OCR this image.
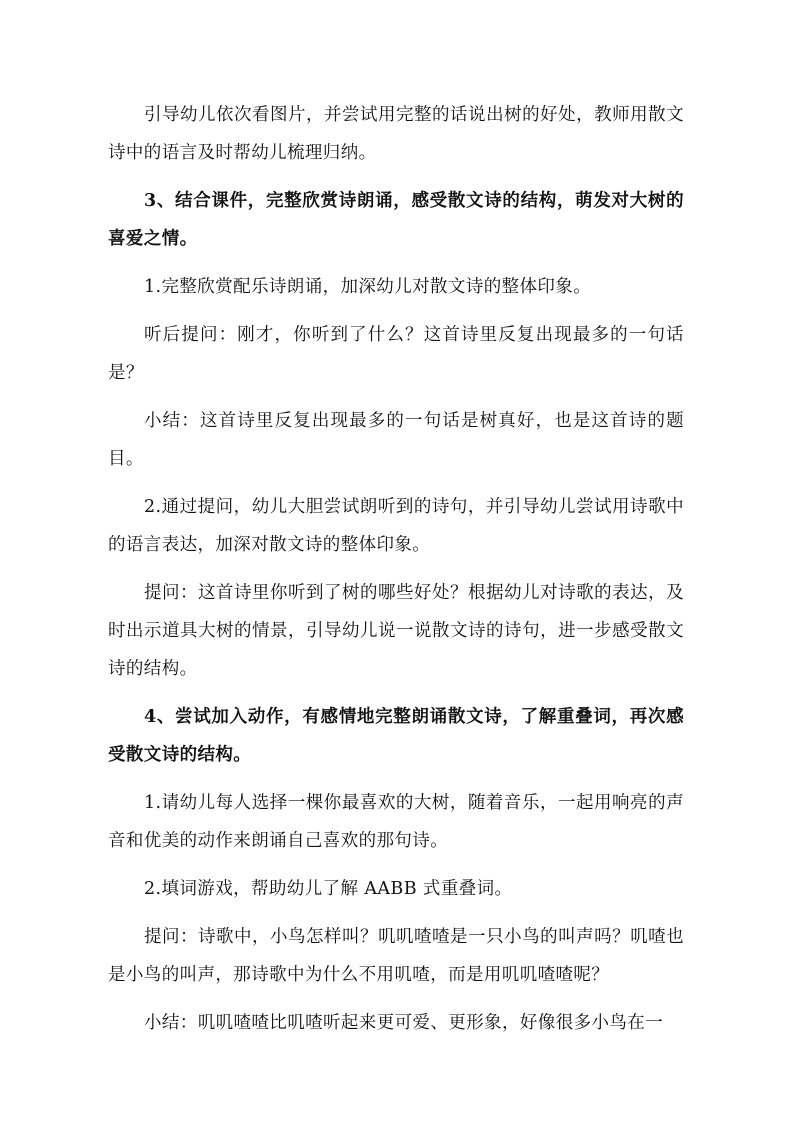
引导幼儿依次看图片，并尝试用完整的话说出树的好处，教师用散文诗中的语言及时帮幼儿梳理归纳。

3、结合课件，完整欣赏诗朗诵，感受散文诗的结构，萌发对大树的喜爱之情。

1.完整欣赏配乐诗朗诵，加深幼儿对散文诗的整体印象。

听后提问：刚才，你听到了什么？这首诗里反复出现最多的一句话是？

小结：这首诗里反复出现最多的一句话是树真好，也是这首诗的题目。

2.通过提问，幼儿大胆尝试朗听到的诗句，并引导幼儿尝试用诗歌中的语言表达，加深对散文诗的整体印象。

提问：这首诗里你听到了树的哪些好处？根据幼儿对诗歌的表达，及时出示道具大树的情景，引导幼儿说一说散文诗的诗句，进一步感受散文诗的结构。

4、尝试加入动作，有感情地完整朗诵散文诗，了解重叠词，再次感受散文诗的结构。

1.请幼儿每人选择一棵你最喜欢的大树，随着音乐，一起用响亮的声音和优美的动作来朗诵自己喜欢的那句诗。

2.填词游戏，帮助幼儿了解 AABB 式重叠词。

提问：诗歌中，小鸟怎样叫？叽叽喳喳是一只小鸟的叫声吗？叽喳也是小鸟的叫声，那诗歌中为什么不用叽喳，而是用叽叽喳喳呢？

小结：叽叽喳喳比叽喳听起来更可爱、更形象，好像很多小鸟在一
